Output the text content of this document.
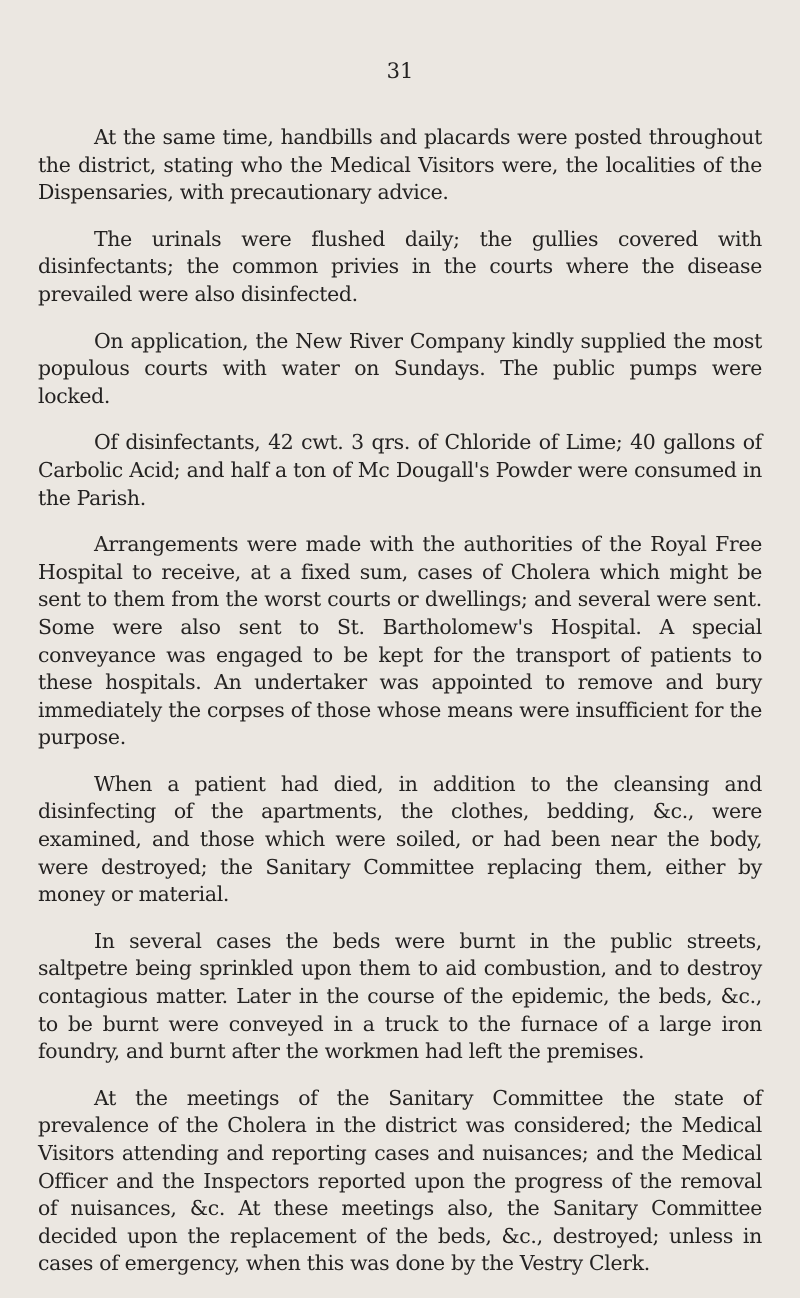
31

At the same time, handbills and placards were posted throughout the district, stating who the Medical Visitors were, the localities of the Dispensaries, with precautionary advice.

The urinals were flushed daily; the gullies covered with disinfectants; the common privies in the courts where the disease prevailed were also disinfected.

On application, the New River Company kindly supplied the most populous courts with water on Sundays. The public pumps were locked.

Of disinfectants, 42 cwt. 3 qrs. of Chloride of Lime; 40 gallons of Carbolic Acid; and half a ton of Mc Dougall's Powder were consumed in the Parish.

Arrangements were made with the authorities of the Royal Free Hospital to receive, at a fixed sum, cases of Cholera which might be sent to them from the worst courts or dwellings; and several were sent. Some were also sent to St. Bartholomew's Hospital. A special conveyance was engaged to be kept for the transport of patients to these hospitals. An undertaker was appointed to remove and bury immediately the corpses of those whose means were insufficient for the purpose.

When a patient had died, in addition to the cleansing and disinfecting of the apartments, the clothes, bedding, &c., were examined, and those which were soiled, or had been near the body, were destroyed; the Sanitary Committee replacing them, either by money or material.

In several cases the beds were burnt in the public streets, saltpetre being sprinkled upon them to aid combustion, and to destroy contagious matter. Later in the course of the epidemic, the beds, &c., to be burnt were conveyed in a truck to the furnace of a large iron foundry, and burnt after the workmen had left the premises.

At the meetings of the Sanitary Committee the state of prevalence of the Cholera in the district was considered; the Medical Visitors attending and reporting cases and nuisances; and the Medical Officer and the Inspectors reported upon the progress of the removal of nuisances, &c. At these meetings also, the Sanitary Committee decided upon the replacement of the beds, &c., destroyed; unless in cases of emergency, when this was done by the Vestry Clerk.
